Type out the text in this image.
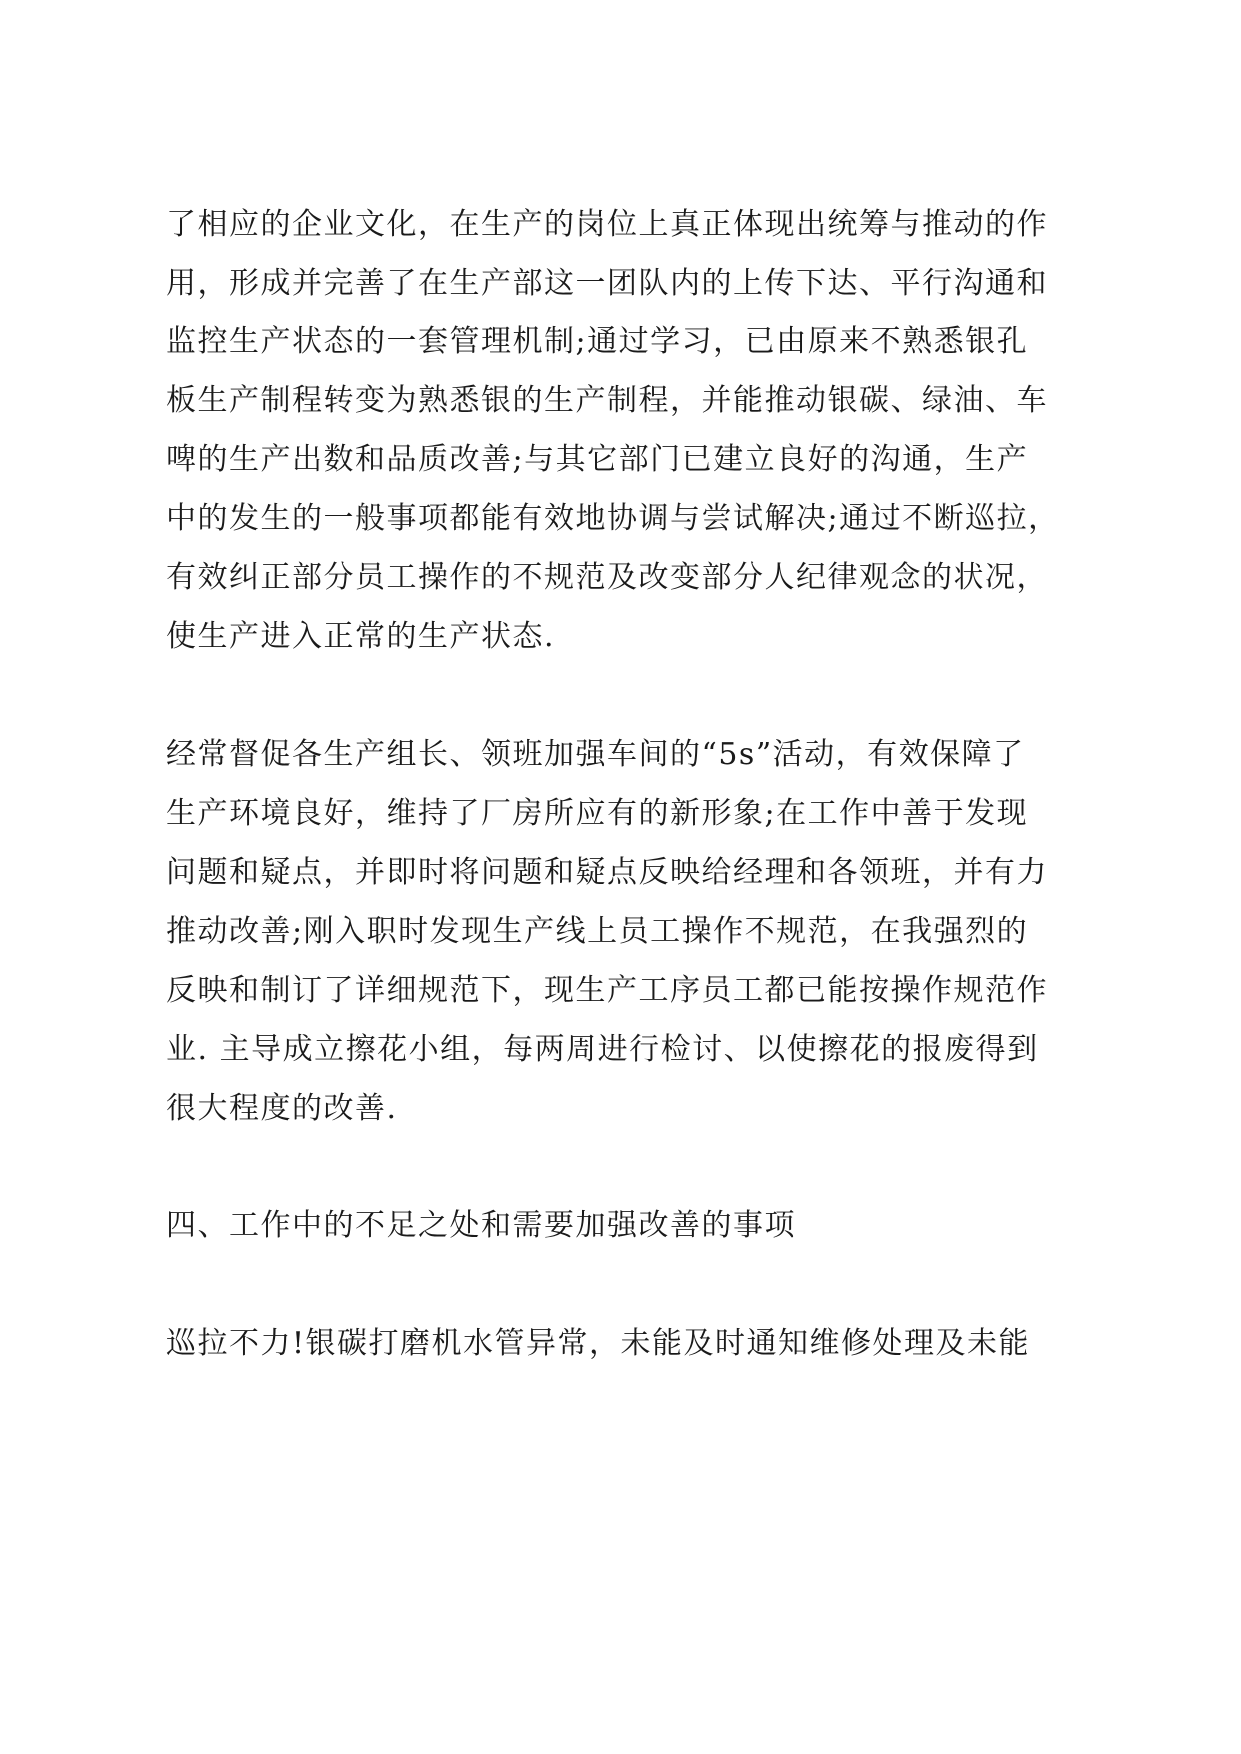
了相应的企业文化，在生产的岗位上真正体现出统筹与推动的作
用，形成并完善了在生产部这一团队内的上传下达、平行沟通和
监控生产状态的一套管理机制;通过学习，已由原来不熟悉银孔
板生产制程转变为熟悉银的生产制程，并能推动银碳、绿油、车
啤的生产出数和品质改善;与其它部门已建立良好的沟通，生产
中的发生的一般事项都能有效地协调与尝试解决;通过不断巡拉，
有效纠正部分员工操作的不规范及改变部分人纪律观念的状况，
使生产进入正常的生产状态.
经常督促各生产组长、领班加强车间的“5s”活动，有效保障了
生产环境良好，维持了厂房所应有的新形象;在工作中善于发现
问题和疑点，并即时将问题和疑点反映给经理和各领班，并有力
推动改善;刚入职时发现生产线上员工操作不规范，在我强烈的
反映和制订了详细规范下，现生产工序员工都已能按操作规范作
业. 主导成立擦花小组，每两周进行检讨、以使擦花的报废得到
很大程度的改善.
四、工作中的不足之处和需要加强改善的事项
巡拉不力!银碳打磨机水管异常，未能及时通知维修处理及未能
